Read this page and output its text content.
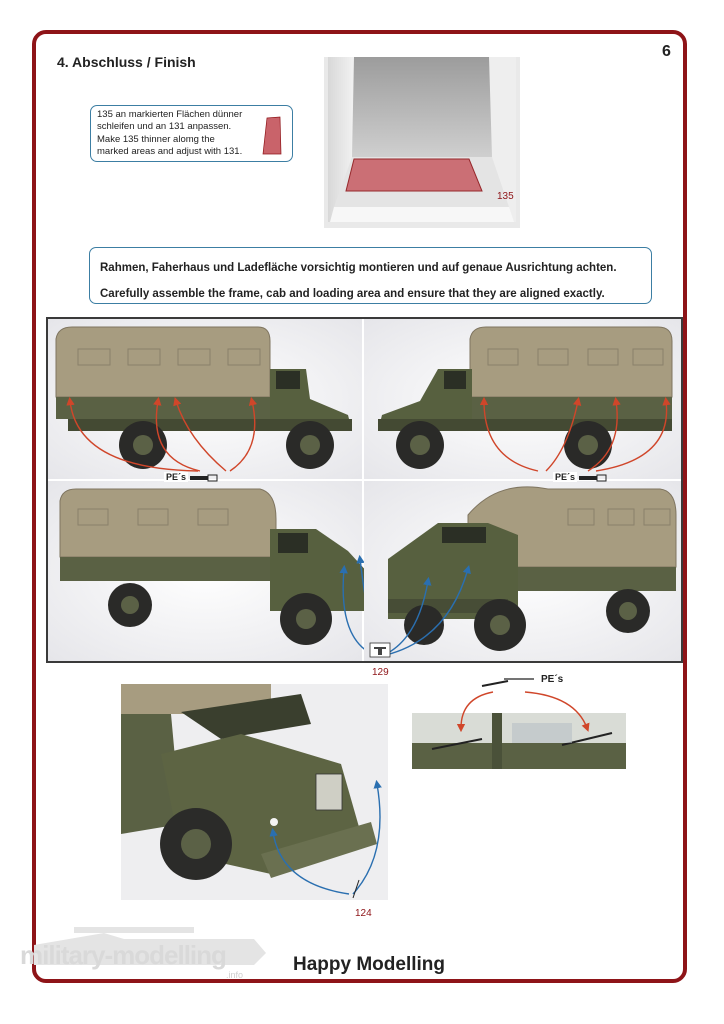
6
4. Abschluss / Finish
135 an markierten Flächen dünner schleifen und an 131 anpassen.
Make 135 thinner alomg the marked areas and adjust with 131.
135
Rahmen, Faherhaus und Ladefläche vorsichtig montieren und auf genaue Ausrichtung achten.
Carefully assemble the frame, cab and loading area and ensure that they are aligned exactly.
PE´s	PE´s
129
124
PE´s
military-modelling
.info	Happy Modelling
